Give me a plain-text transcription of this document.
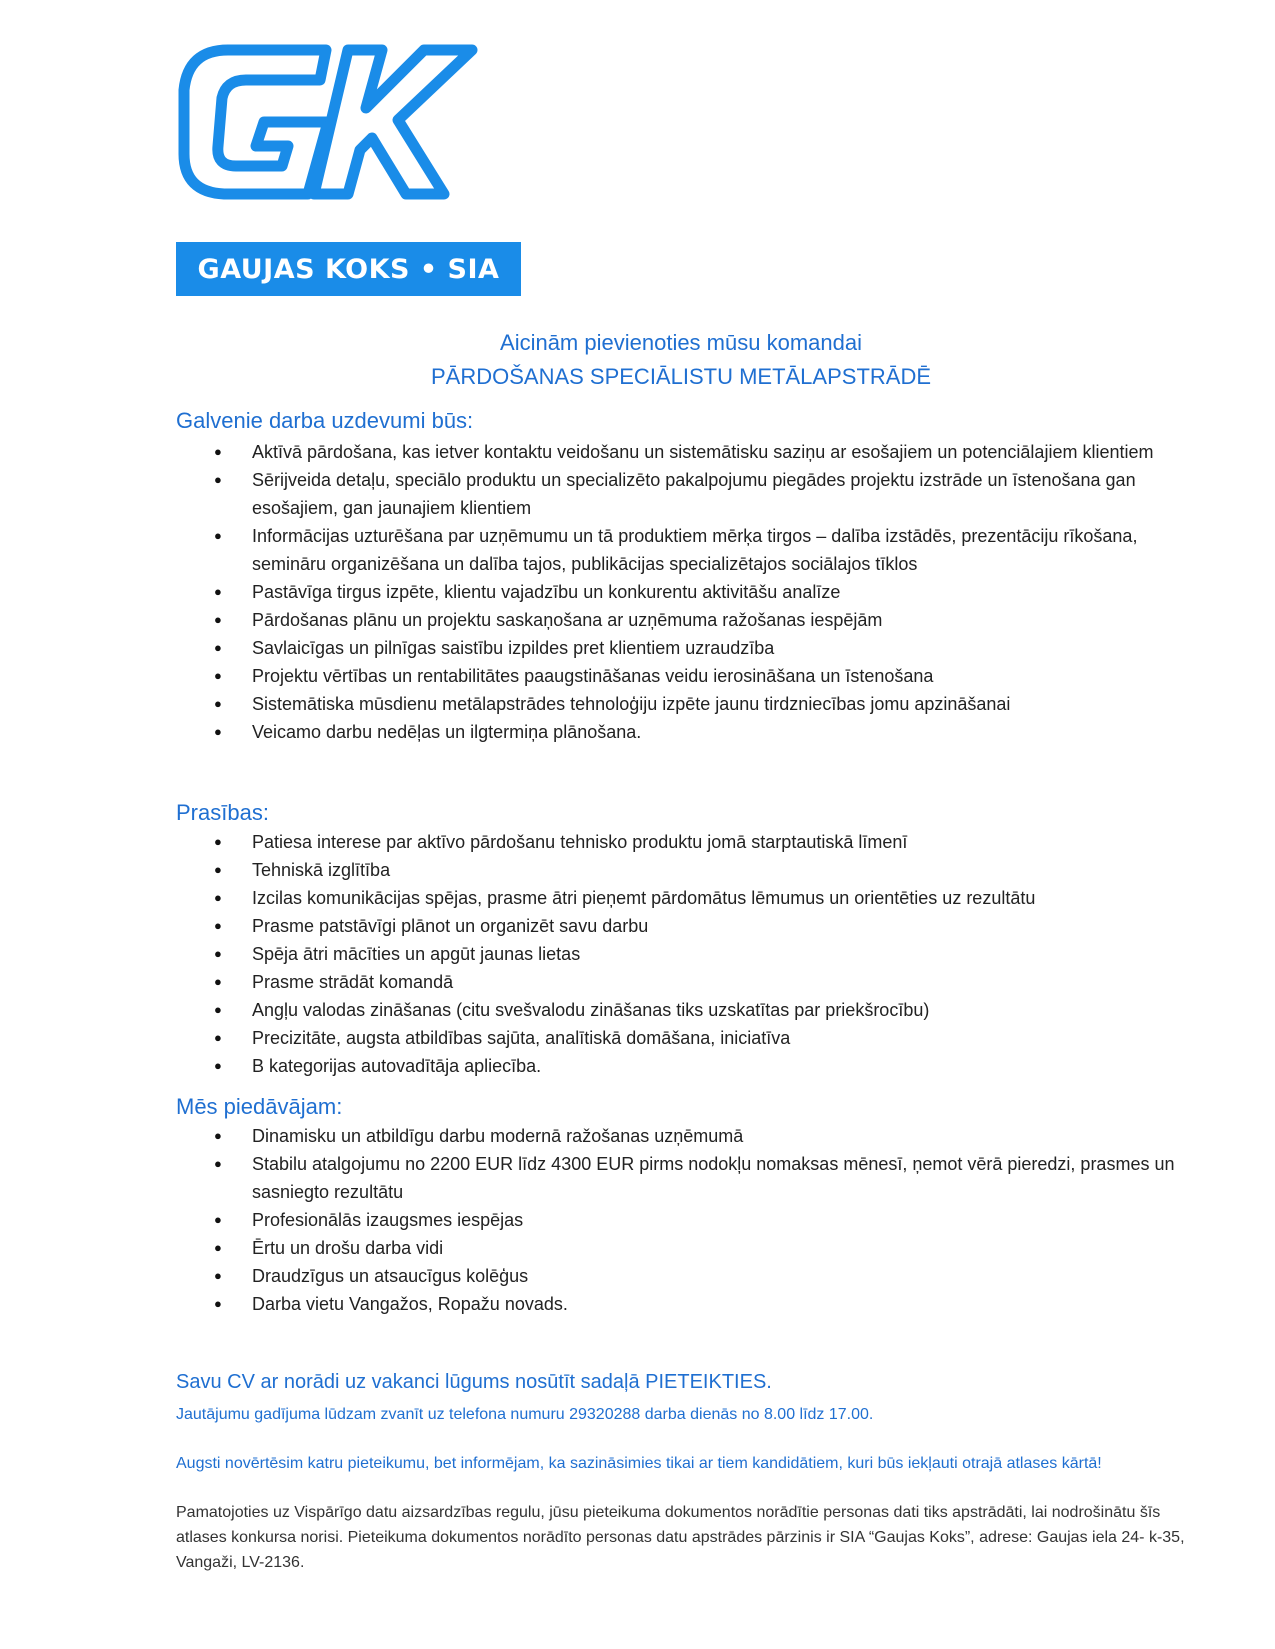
GAUJAS KOKS • SIA
Aicinām pievienoties mūsu komandai
PĀRDOŠANAS SPECIĀLISTU METĀLAPSTRĀDĒ
Galvenie darba uzdevumi būs:
● Aktīvā pārdošana, kas ietver kontaktu veidošanu un sistemātisku saziņu ar esošajiem un potenciālajiem klientiem
● Sērijveida detaļu, speciālo produktu un specializēto pakalpojumu piegādes projektu izstrāde un īstenošana gan esošajiem, gan jaunajiem klientiem
● Informācijas uzturēšana par uzņēmumu un tā produktiem mērķa tirgos – dalība izstādēs, prezentāciju rīkošana, semināru organizēšana un dalība tajos, publikācijas specializētajos sociālajos tīklos
● Pastāvīga tirgus izpēte, klientu vajadzību un konkurentu aktivitāšu analīze
● Pārdošanas plānu un projektu saskaņošana ar uzņēmuma ražošanas iespējām
● Savlaicīgas un pilnīgas saistību izpildes pret klientiem uzraudzība
● Projektu vērtības un rentabilitātes paaugstināšanas veidu ierosināšana un īstenošana
● Sistemātiska mūsdienu metālapstrādes tehnoloģiju izpēte jaunu tirdzniecības jomu apzināšanai
● Veicamo darbu nedēļas un ilgtermiņa plānošana.
Prasības:
● Patiesa interese par aktīvo pārdošanu tehnisko produktu jomā starptautiskā līmenī
● Tehniskā izglītība
● Izcilas komunikācijas spējas, prasme ātri pieņemt pārdomātus lēmumus un orientēties uz rezultātu
● Prasme patstāvīgi plānot un organizēt savu darbu
● Spēja ātri mācīties un apgūt jaunas lietas
● Prasme strādāt komandā
● Angļu valodas zināšanas (citu svešvalodu zināšanas tiks uzskatītas par priekšrocību)
● Precizitāte, augsta atbildības sajūta, analītiskā domāšana, iniciatīva
● B kategorijas autovadītāja apliecība.
Mēs piedāvājam:
● Dinamisku un atbildīgu darbu modernā ražošanas uzņēmumā
● Stabilu atalgojumu no 2200 EUR līdz 4300 EUR pirms nodokļu nomaksas mēnesī, ņemot vērā pieredzi, prasmes un sasniegto rezultātu
● Profesionālās izaugsmes iespējas
● Ērtu un drošu darba vidi
● Draudzīgus un atsaucīgus kolēģus
● Darba vietu Vangažos, Ropažu novads.
Savu CV ar norādi uz vakanci lūgums nosūtīt sadaļā PIETEIKTIES.
Jautājumu gadījuma lūdzam zvanīt uz telefona numuru 29320288 darba dienās no 8.00 līdz 17.00.
Augsti novērtēsim katru pieteikumu, bet informējam, ka sazināsimies tikai ar tiem kandidātiem, kuri būs iekļauti otrajā atlases kārtā!
Pamatojoties uz Vispārīgo datu aizsardzības regulu, jūsu pieteikuma dokumentos norādītie personas dati tiks apstrādāti, lai nodrošinātu šīs atlases konkursa norisi. Pieteikuma dokumentos norādīto personas datu apstrādes pārzinis ir SIA “Gaujas Koks”, adrese: Gaujas iela 24- k-35, Vangaži, LV-2136.
